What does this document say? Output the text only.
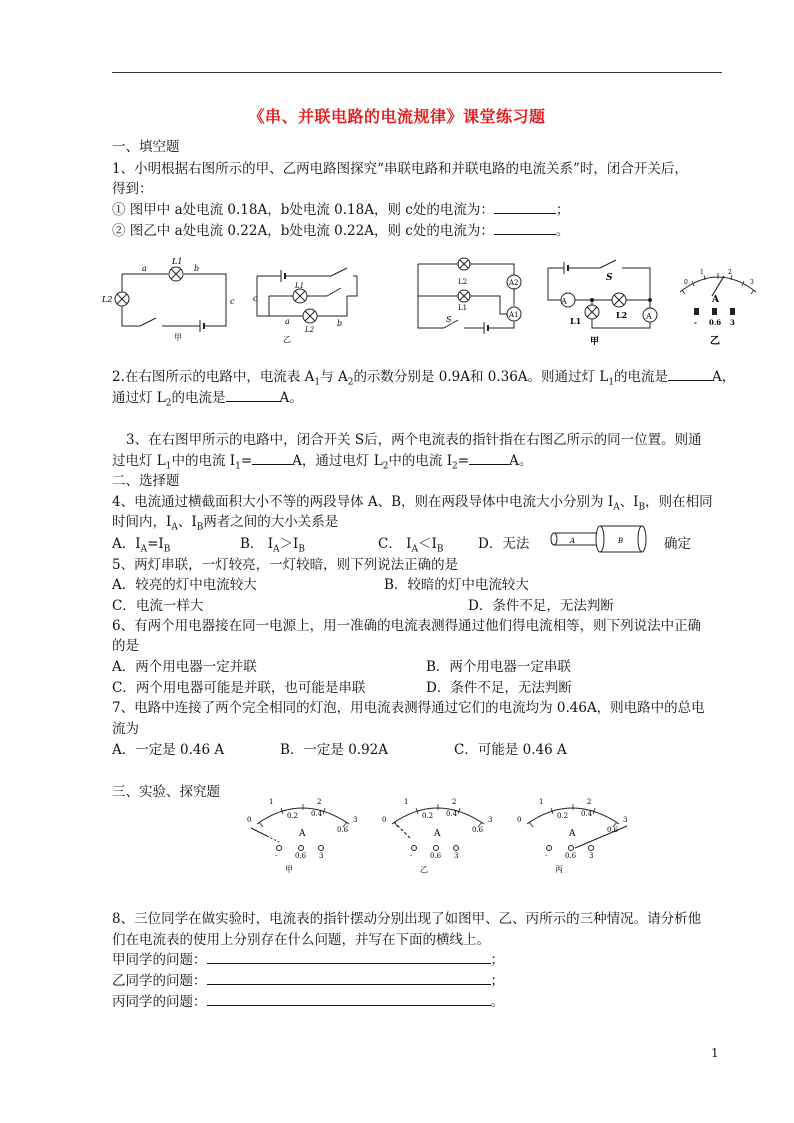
《串、并联电路的电流规律》课堂练习题
一、填空题
1、小明根据右图所示的甲、乙两电路图探究“串联电路和并联电路的电流关系”时，闭合开关后，
得到：
① 图甲中 a处电流 0.18A，b处电流 0.18A，则 c处的电流为：	；
② 图乙中 a处电流 0.22A，b处电流 0.22A，则 c处的电流为：	。
L1
L2
a	b
c
甲
L1
L2
c
a	b
乙
A2
A1
L2
L1
S
A
A
S
L1
L2
甲
0
1	2
3
A
- 0.6 3
乙
2.在右图所示的电路中，电流表 $A_1$与 $A_2$的示数分别是 0.9A和 0.36A。则通过灯 $L_1$的电流是	A，
通过灯 $L_2$的电流是	A。
3、在右图甲所示的电路中，闭合开关 S后，两个电流表的指针指在右图乙所示的同一位置。则通
过电灯 $L_1$中的电流 $I_1=$	A，通过电灯 $L_2$中的电流 $I_2=$	A。
二、选择题
4、电流通过横截面积大小不等的两段导体 A、B，则在两段导体中电流大小分别为 $I_A$、$I_B$，则在相同
时间内，$I_A$、$I_B$两者之间的大小关系是
A．$I_A=I_B$	B． $I_A>I_B$	C． $I_A<I_B$	D．无法	A	B	确定
5、两灯串联，一灯较亮，一灯较暗，则下列说法正确的是
A．较亮的灯中电流较大	B．较暗的灯中电流较大
C．电流一样大	D．条件不足，无法判断
6、有两个用电器接在同一电源上，用一准确的电流表测得通过他们得电流相等，则下列说法中正确
的是
A．两个用电器一定并联	B．两个用电器一定串联
C．两个用电器可能是并联，也可能是串联	D．条件不足，无法判断
7、电路中连接了两个完全相同的灯泡，用电流表测得通过它们的电流均为 0.46A，则电路中的总电
流为
A．一定是 0.46 A	B．一定是 0.92A	C．可能是 0.46 A
三、实验、探究题
0	0.2 0.4
0.6
1	2
3
A
-	0.6 3
甲
0	0.2 0.4
0.6
1	2
3
A
-	0.6 3
乙
0	0.2 0.4
0.6
1	2
3
A
-	0.6 3
丙
8、三位同学在做实验时，电流表的指针摆动分别出现了如图甲、乙、丙所示的三种情况。请分析他
们在电流表的使用上分别存在什么问题，并写在下面的横线上。
甲同学的问题：	；
乙同学的问题：	；
丙同学的问题：	。
1
